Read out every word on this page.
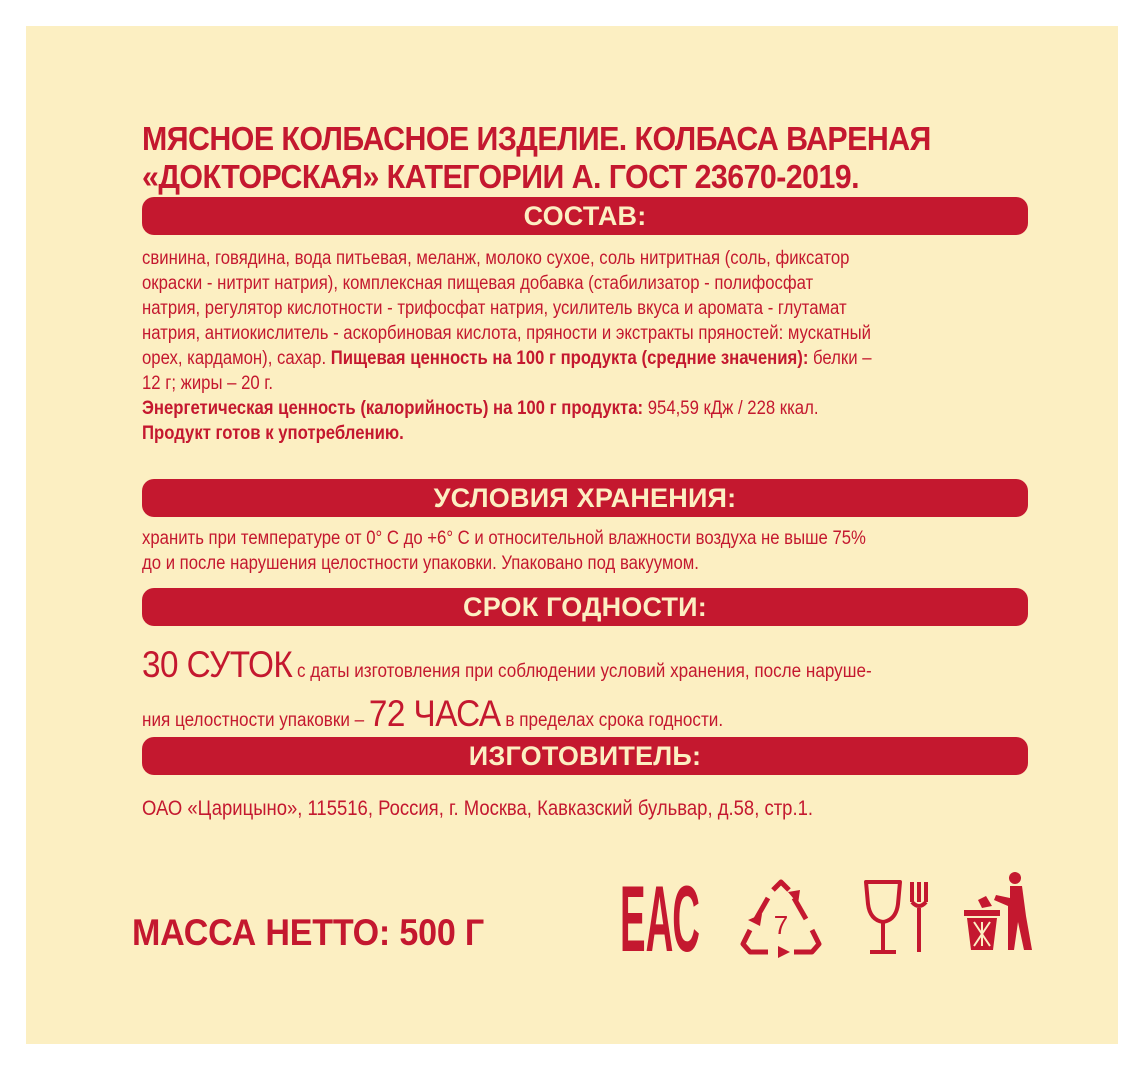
МЯСНОЕ КОЛБАСНОЕ ИЗДЕЛИЕ. КОЛБАСА ВАРЕНАЯ
«ДОКТОРСКАЯ» КАТЕГОРИИ А. ГОСТ 23670-2019.
СОСТАВ:
свинина, говядина, вода питьевая, меланж, молоко сухое, соль нитритная (соль, фиксатор
окраски - нитрит натрия), комплексная пищевая добавка (стабилизатор - полифосфат
натрия, регулятор кислотности - трифосфат натрия, усилитель вкуса и аромата - глутамат
натрия, антиокислитель - аскорбиновая кислота, пряности и экстракты пряностей: мускатный
орех, кардамон), сахар. Пищевая ценность на 100 г продукта (средние значения): белки –
12 г; жиры – 20 г.
Энергетическая ценность (калорийность) на 100 г продукта: 954,59 кДж / 228 ккал.
Продукт готов к употреблению.
УСЛОВИЯ ХРАНЕНИЯ:
хранить при температуре от 0° С до +6° С и относительной влажности воздуха не выше 75%
до и после нарушения целостности упаковки. Упаковано под вакуумом.
СРОК ГОДНОСТИ:
30 СУТОК с даты изготовления при соблюдении условий хранения, после наруше-
ния целостности упаковки – 72 ЧАСА в пределах срока годности.
ИЗГОТОВИТЕЛЬ:
ОАО «Царицыно», 115516, Россия, г. Москва, Кавказский бульвар, д.58, стр.1.
МАССА НЕТТО: 500 Г ЕАС	7
